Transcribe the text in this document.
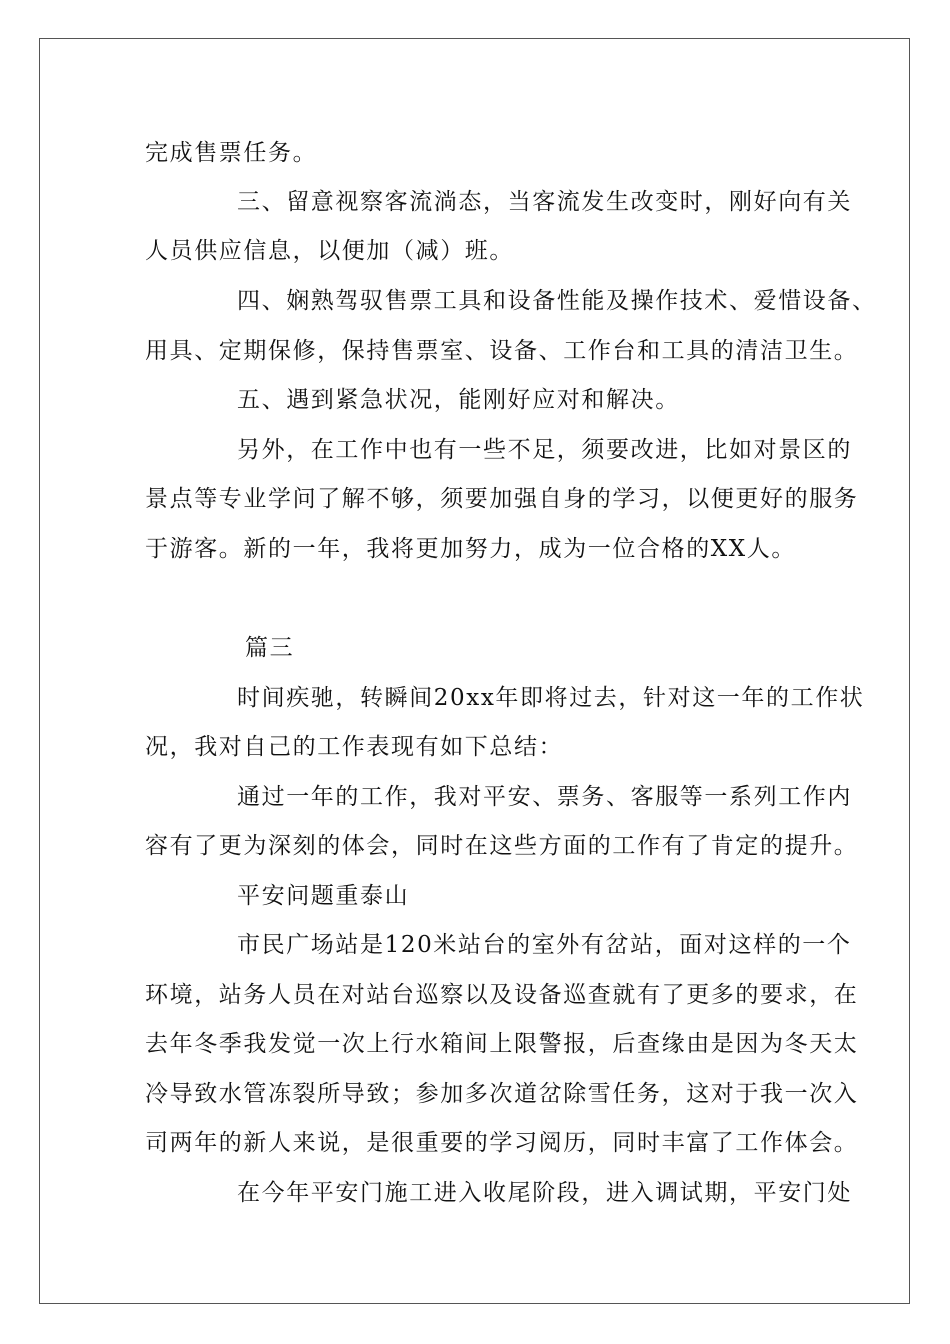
完成售票任务。
三、留意视察客流淌态，当客流发生改变时，刚好向有关
人员供应信息，以便加（减）班。
四、娴熟驾驭售票工具和设备性能及操作技术、爱惜设备、
用具、定期保修，保持售票室、设备、工作台和工具的清洁卫生。
五、遇到紧急状况，能刚好应对和解决。
另外，在工作中也有一些不足，须要改进，比如对景区的
景点等专业学问了解不够，须要加强自身的学习，以便更好的服务
于游客。新的一年，我将更加努力，成为一位合格的XX人。
篇三
时间疾驰，转瞬间20xx年即将过去，针对这一年的工作状
况，我对自己的工作表现有如下总结：
通过一年的工作，我对平安、票务、客服等一系列工作内
容有了更为深刻的体会，同时在这些方面的工作有了肯定的提升。
平安问题重泰山
市民广场站是120米站台的室外有岔站，面对这样的一个
环境，站务人员在对站台巡察以及设备巡查就有了更多的要求，在
去年冬季我发觉一次上行水箱间上限警报，后查缘由是因为冬天太
冷导致水管冻裂所导致；参加多次道岔除雪任务，这对于我一次入
司两年的新人来说，是很重要的学习阅历，同时丰富了工作体会。
在今年平安门施工进入收尾阶段，进入调试期，平安门处
